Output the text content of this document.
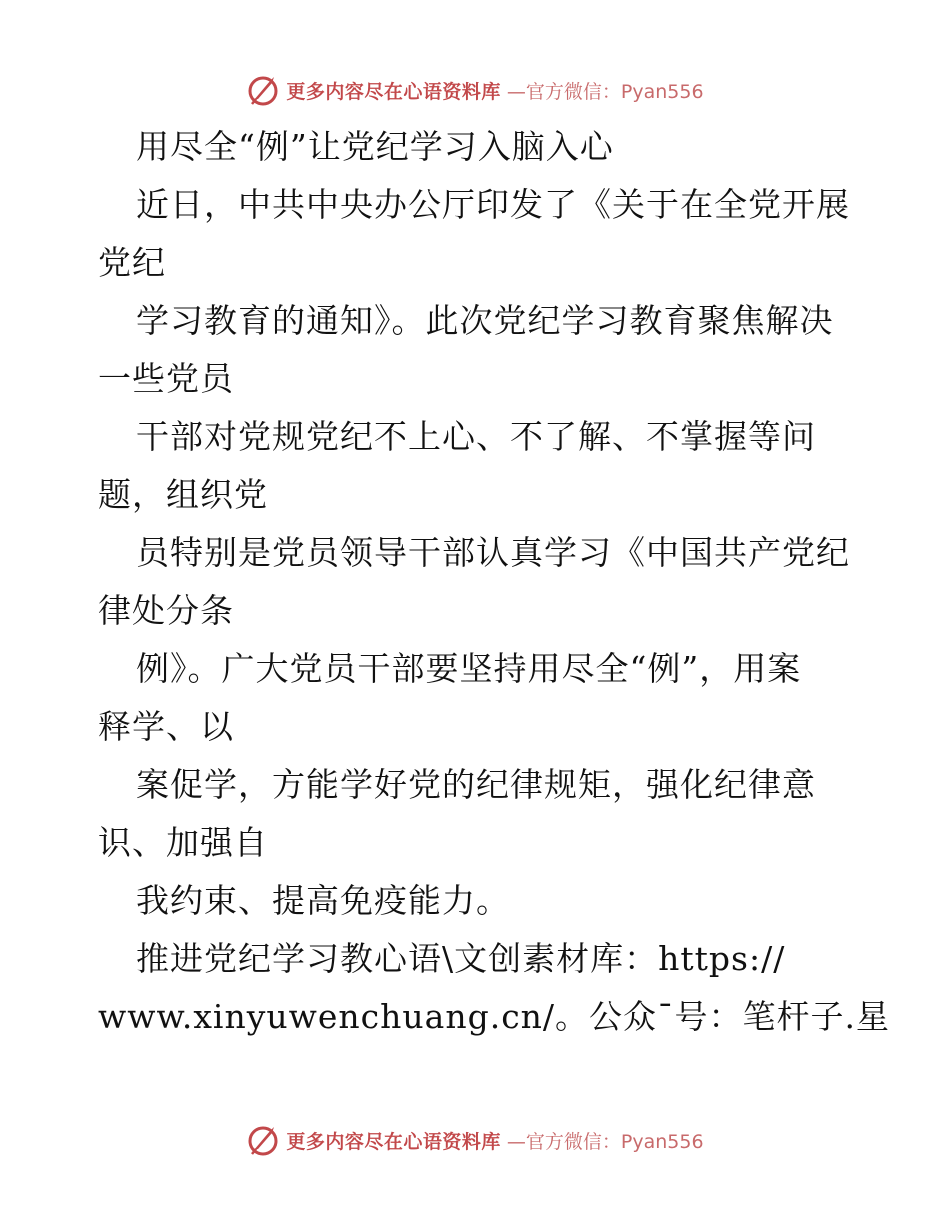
更多内容尽在心语资料库 —官方微信：Pyan556
用尽全“例”让党纪学习入脑入心
近日，中共中央办公厅印发了《关于在全党开展
党纪
学习教育的通知》。此次党纪学习教育聚焦解决
一些党员
干部对党规党纪不上心、不了解、不掌握等问
题，组织党
员特别是党员领导干部认真学习《中国共产党纪
律处分条
例》。广大党员干部要坚持用尽全“例”，用案
释学、以
案促学，方能学好党的纪律规矩，强化纪律意
识、加强自
我约束、提高免疫能力。
推进党纪学习教心语\文创素材库：https://
www.xinyuwenchuang.cn/。公众¯号：笔杆子.星
更多内容尽在心语资料库 —官方微信：Pyan556
